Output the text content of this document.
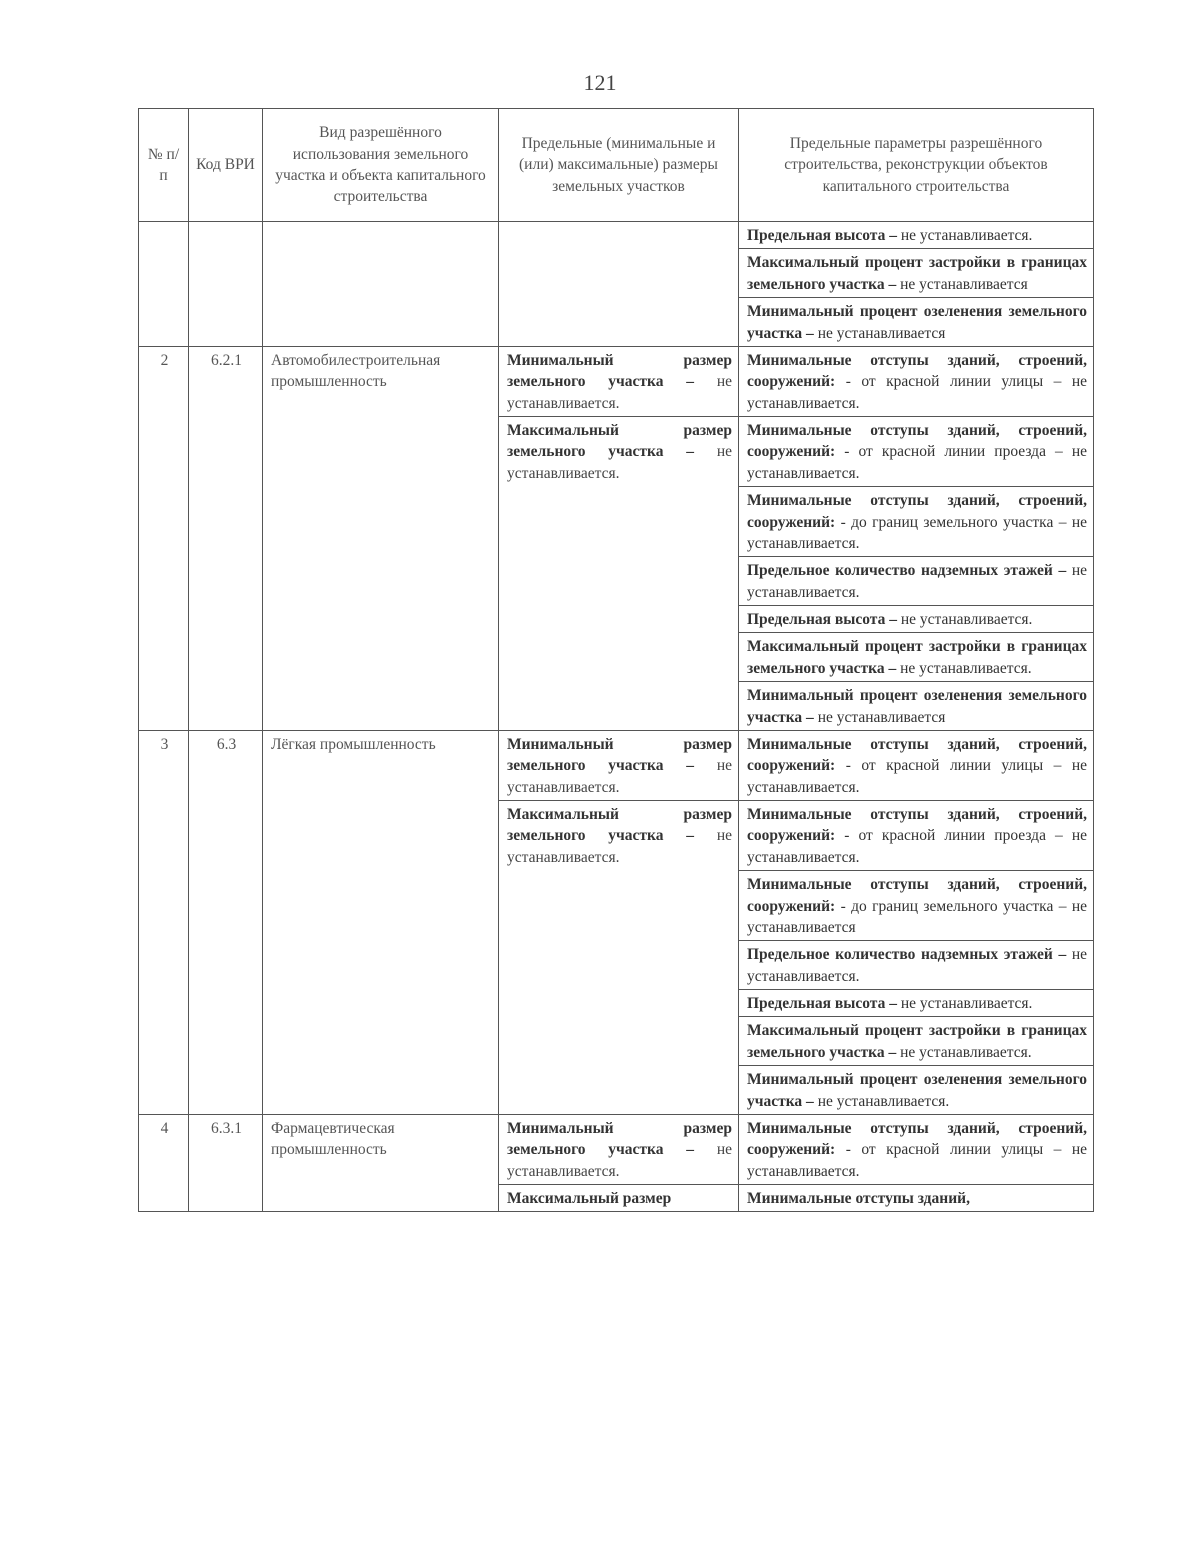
121
№ п/п	Код ВРИ	Вид разрешённого использования земельного участка и объекта капитального строительства	Предельные (минимальные и (или) максимальные) размеры земельных участков	Предельные параметры разрешённого строительства, реконструкции объектов капитального строительства
				Предельная высота – не устанавливается.
				Максимальный процент застройки в границах земельного участка – не устанавливается
				Минимальный процент озеленения земельного участка – не устанавливается
2	6.2.1	Автомобилестроительная промышленность	Минимальный размер земельного участка – не устанавливается.	Минимальные отступы зданий, строений, сооружений: - от красной линии улицы – не устанавливается.
			Максимальный размер земельного участка – не устанавливается.	Минимальные отступы зданий, строений, сооружений: - от красной линии проезда – не устанавливается.
				Минимальные отступы зданий, строений, сооружений: - до границ земельного участка – не устанавливается.
				Предельное количество надземных этажей – не устанавливается.
				Предельная высота – не устанавливается.
				Максимальный процент застройки в границах земельного участка – не устанавливается.
				Минимальный процент озеленения земельного участка – не устанавливается
3	6.3	Лёгкая промышленность	Минимальный размер земельного участка – не устанавливается.	Минимальные отступы зданий, строений, сооружений: - от красной линии улицы – не устанавливается.
			Максимальный размер земельного участка – не устанавливается.	Минимальные отступы зданий, строений, сооружений: - от красной линии проезда – не устанавливается.
				Минимальные отступы зданий, строений, сооружений: - до границ земельного участка – не устанавливается
				Предельное количество надземных этажей – не устанавливается.
				Предельная высота – не устанавливается.
				Максимальный процент застройки в границах земельного участка – не устанавливается.
				Минимальный процент озеленения земельного участка – не устанавливается.
4	6.3.1	Фармацевтическая промышленность	Минимальный размер земельного участка – не устанавливается.	Минимальные отступы зданий, строений, сооружений: - от красной линии улицы – не устанавливается.
			Максимальный размер	Минимальные отступы зданий,
